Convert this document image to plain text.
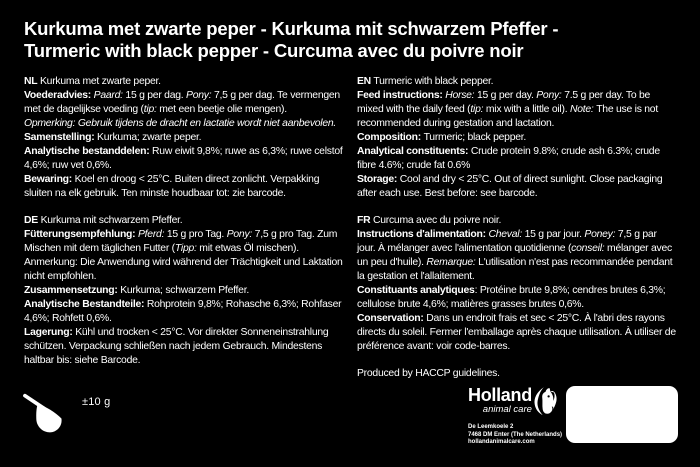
Kurkuma met zwarte peper - Kurkuma mit schwarzem Pfeffer -
Turmeric with black pepper - Curcuma avec du poivre noir
NL Kurkuma met zwarte peper.
Voederadvies: Paard: 15 g per dag. Pony: 7,5 g per dag. Te vermengen met de dagelijkse voeding (tip: met een beetje olie mengen).
Opmerking: Gebruik tijdens de dracht en lactatie wordt niet aanbevolen.
Samenstelling: Kurkuma; zwarte peper.
Analytische bestanddelen: Ruw eiwit 9,8%; ruwe as 6,3%; ruwe celstof 4,6%; ruw vet 0,6%.
Bewaring: Koel en droog < 25°C. Buiten direct zonlicht. Verpakking sluiten na elk gebruik. Ten minste houdbaar tot: zie barcode.
DE Kurkuma mit schwarzem Pfeffer.
Fütterungsempfehlung: Pferd: 15 g pro Tag. Pony: 7,5 g pro Tag. Zum Mischen mit dem täglichen Futter (Tipp: mit etwas Öl mischen).
Anmerkung: Die Anwendung wird während der Trächtigkeit und Laktation nicht empfohlen.
Zusammensetzung: Kurkuma; schwarzem Pfeffer.
Analytische Bestandteile: Rohprotein 9,8%; Rohasche 6,3%; Rohfaser 4,6%; Rohfett 0,6%.
Lagerung: Kühl und trocken < 25°C. Vor direkter Sonneneinstrahlung schützen. Verpackung schließen nach jedem Gebrauch. Mindestens haltbar bis: siehe Barcode.
EN Turmeric with black pepper.
Feed instructions: Horse: 15 g per day. Pony: 7.5 g per day. To be mixed with the daily feed (tip: mix with a little oil). Note: The use is not recommended during gestation and lactation.
Composition: Turmeric; black pepper.
Analytical constituents: Crude protein 9.8%; crude ash 6.3%; crude fibre 4.6%; crude fat 0.6%
Storage: Cool and dry < 25°C. Out of direct sunlight. Close packaging after each use. Best before: see barcode.
FR Curcuma avec du poivre noir.
Instructions d'alimentation: Cheval: 15 g par jour. Poney: 7,5 g par jour. À mélanger avec l'alimentation quotidienne (conseil: mélanger avec un peu d'huile). Remarque: L'utilisation n'est pas recommandée pendant la gestation et l'allaitement.
Constituants analytiques: Protéine brute 9,8%; cendres brutes 6,3%; cellulose brute 4,6%; matières grasses brutes 0,6%.
Conservation: Dans un endroit frais et sec < 25°C. À l'abri des rayons directs du soleil. Fermer l'emballage après chaque utilisation. À utiliser de préférence avant: voir code-barres.
Produced by HACCP guidelines.
±10 g	Holland
animal care
De Leemkoele 2
7468 DM Enter (The Netherlands)
hollandanimalcare.com
